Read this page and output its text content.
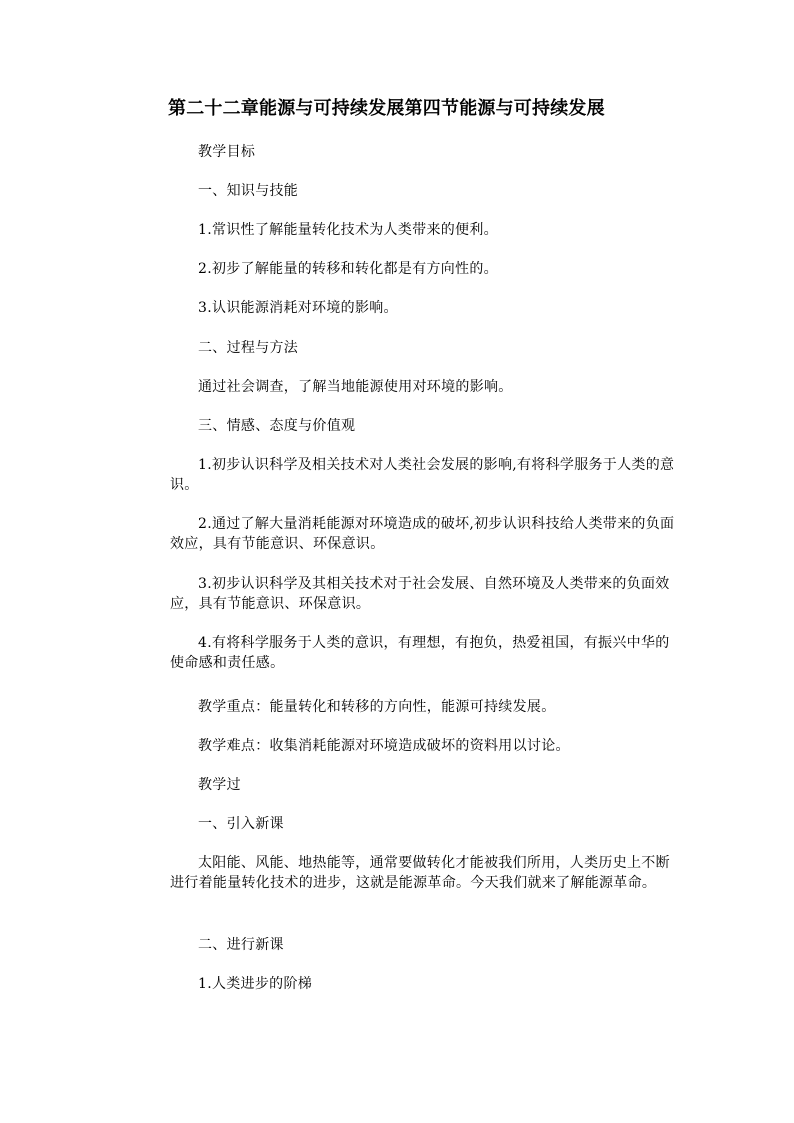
第二十二章能源与可持续发展第四节能源与可持续发展
教学目标
一、知识与技能
1.常识性了解能量转化技术为人类带来的便利。
2.初步了解能量的转移和转化都是有方向性的。
3.认识能源消耗对环境的影响。
二、过程与方法
通过社会调查，了解当地能源使用对环境的影响。
三、情感、态度与价值观
1.初步认识科学及相关技术对人类社会发展的影响,有将科学服务于人类的意识。
2.通过了解大量消耗能源对环境造成的破坏,初步认识科技给人类带来的负面效应，具有节能意识、环保意识。
3.初步认识科学及其相关技术对于社会发展、自然环境及人类带来的负面效应，具有节能意识、环保意识。
4.有将科学服务于人类的意识，有理想，有抱负，热爱祖国，有振兴中华的使命感和责任感。
教学重点：能量转化和转移的方向性，能源可持续发展。
教学难点：收集消耗能源对环境造成破坏的资料用以讨论。
教学过
一、引入新课
太阳能、风能、地热能等，通常要做转化才能被我们所用，人类历史上不断进行着能量转化技术的进步，这就是能源革命。今天我们就来了解能源革命。
二、进行新课
1.人类进步的阶梯
